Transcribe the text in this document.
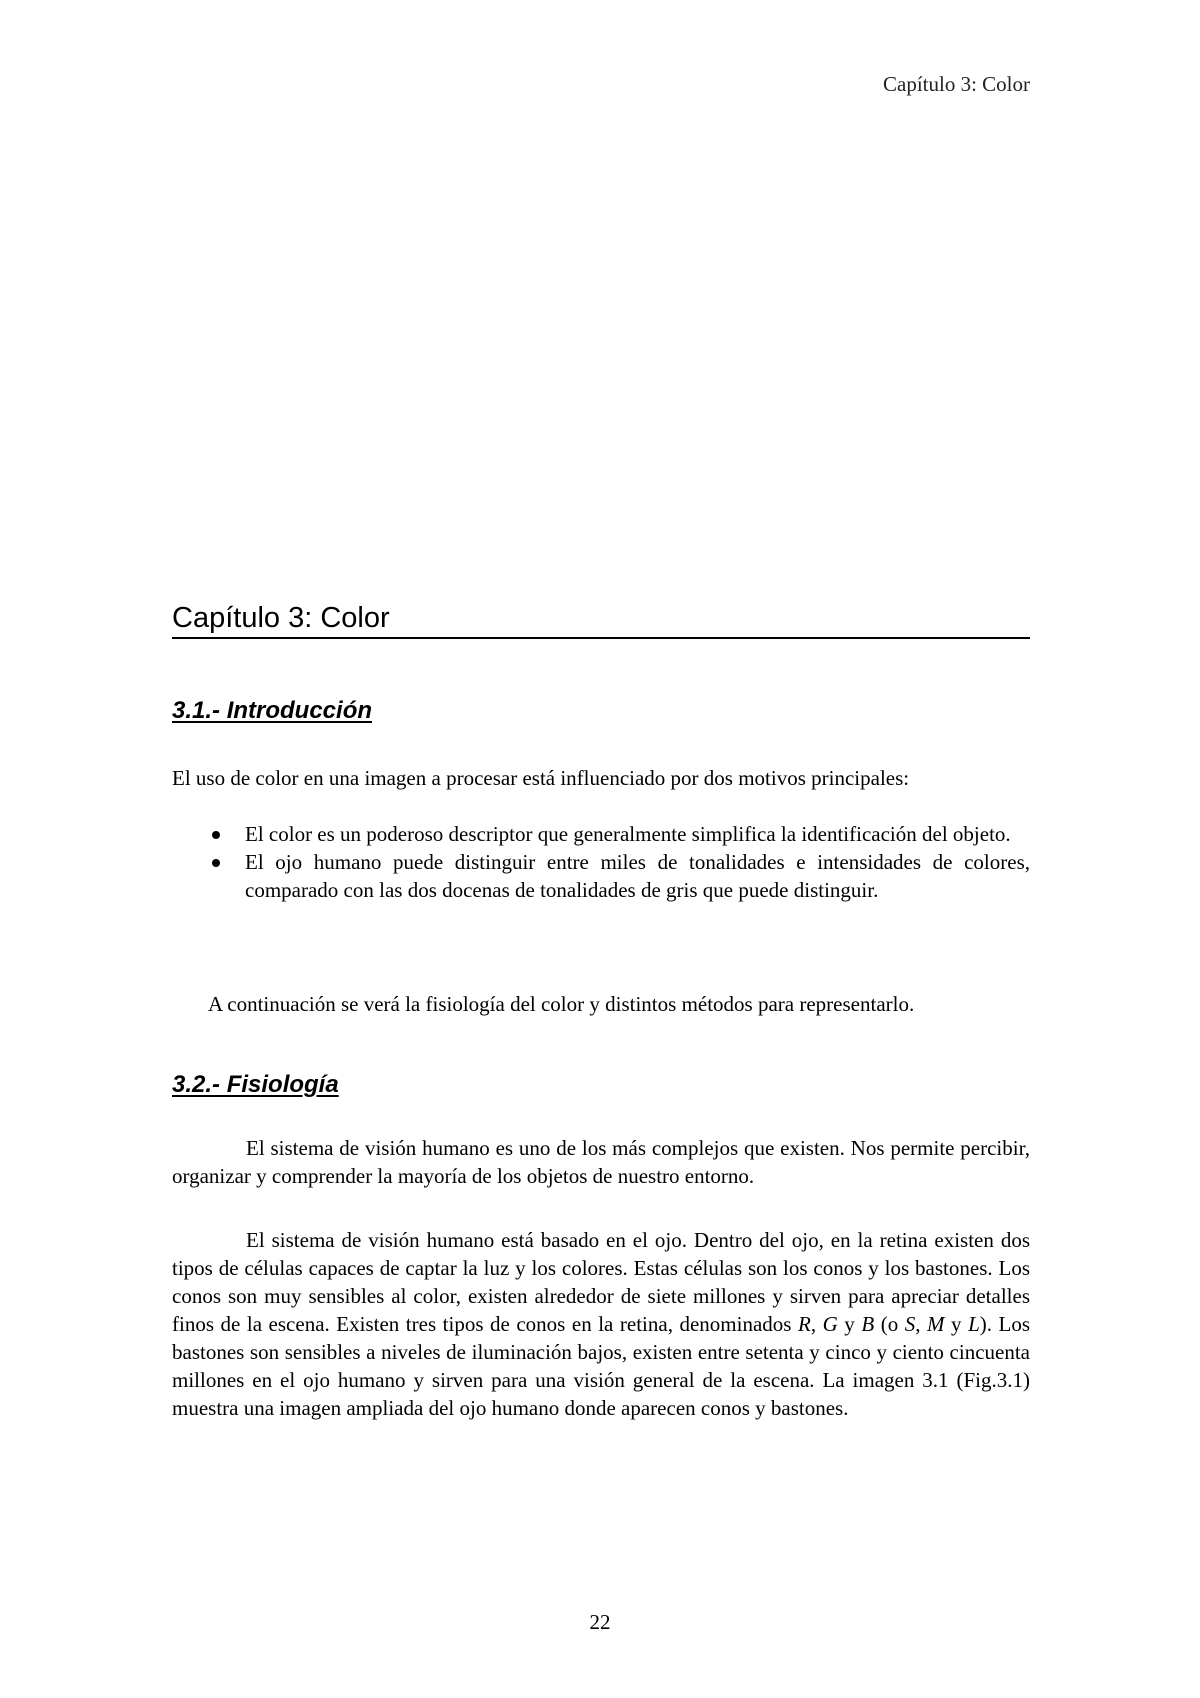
Capítulo 3: Color
Capítulo 3: Color
3.1.- Introducción
El uso de color en una imagen a procesar está influenciado por dos motivos principales:
El color es un poderoso descriptor que generalmente simplifica la identificación del objeto.
El ojo humano puede distinguir entre miles de tonalidades e intensidades de colores, comparado con las dos docenas de tonalidades de gris que puede distinguir.
A continuación se verá la fisiología del color y distintos métodos para representarlo.
3.2.- Fisiología
El sistema de visión humano es uno de los más complejos que existen. Nos permite percibir, organizar y comprender la mayoría de los objetos de nuestro entorno.
El sistema de visión humano está basado en el ojo. Dentro del ojo, en la retina existen dos tipos de células capaces de captar la luz y los colores. Estas células son los conos y los bastones. Los conos son muy sensibles al color, existen alrededor de siete millones y sirven para apreciar detalles finos de la escena. Existen tres tipos de conos en la retina, denominados R, G y B (o S, M y L). Los bastones son sensibles a niveles de iluminación bajos, existen entre setenta y cinco y ciento cincuenta millones en el ojo humano y sirven para una visión general de la escena. La imagen 3.1 (Fig.3.1) muestra una imagen ampliada del ojo humano donde aparecen conos y bastones.
22
